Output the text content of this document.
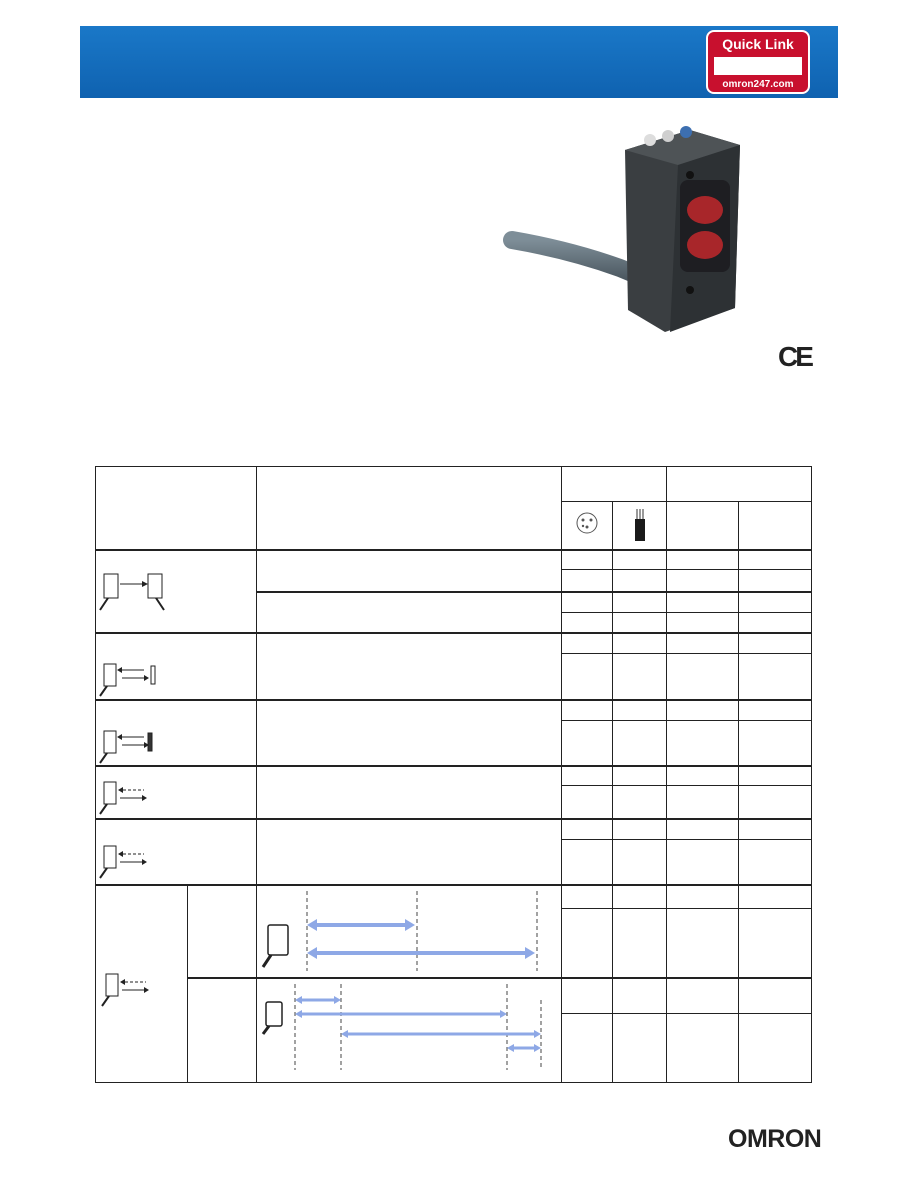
Quick Link
omron247.com
CE

OMRON
